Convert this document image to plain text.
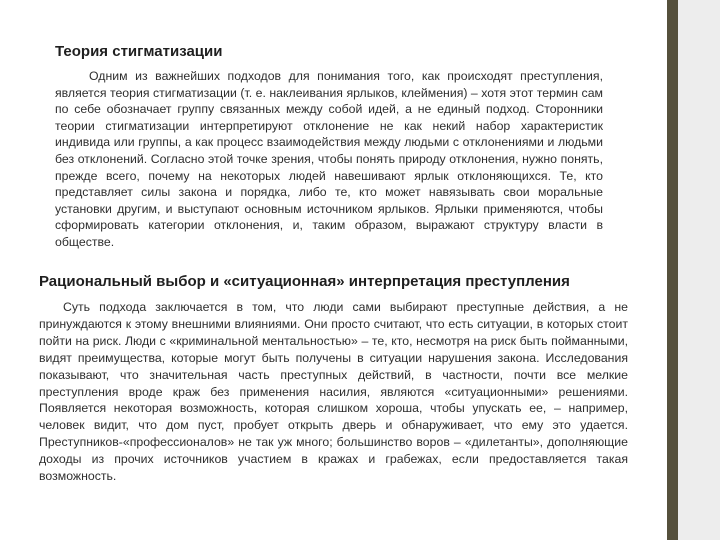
Теория стигматизации

Одним из важнейших подходов для понимания того, как происходят преступления, является теория стигматизации (т. е. наклеивания ярлыков, клеймения) – хотя этот термин сам по себе обозначает группу связанных между собой идей, а не единый подход. Сторонники теории стигматизации интерпретируют отклонение не как некий набор характеристик индивида или группы, а как процесс взаимодействия между людьми с отклонениями и людьми без отклонений. Согласно этой точке зрения, чтобы понять природу отклонения, нужно понять, прежде всего, почему на некоторых людей навешивают ярлык отклоняющихся. Те, кто представляет силы закона и порядка, либо те, кто может навязывать свои моральные установки другим, и выступают основным источником ярлыков. Ярлыки применяются, чтобы сформировать категории отклонения, и, таким образом, выражают структуру власти в обществе.

Рациональный выбор и «ситуационная» интерпретация преступления

Суть подхода заключается в том, что люди сами выбирают преступные действия, а не принуждаются к этому внешними влияниями. Они просто считают, что есть ситуации, в которых стоит пойти на риск. Люди с «криминальной ментальностью» – те, кто, несмотря на риск быть пойманными, видят преимущества, которые могут быть получены в ситуации нарушения закона. Исследования показывают, что значительная часть преступных действий, в частности, почти все мелкие преступления вроде краж без применения насилия, являются «ситуационными» решениями. Появляется некоторая возможность, которая слишком хороша, чтобы упускать ее, – например, человек видит, что дом пуст, пробует открыть дверь и обнаруживает, что ему это удается. Преступников-«профессионалов» не так уж много; большинство воров – «дилетанты», дополняющие доходы из прочих источников участием в кражах и грабежах, если предоставляется такая возможность.
